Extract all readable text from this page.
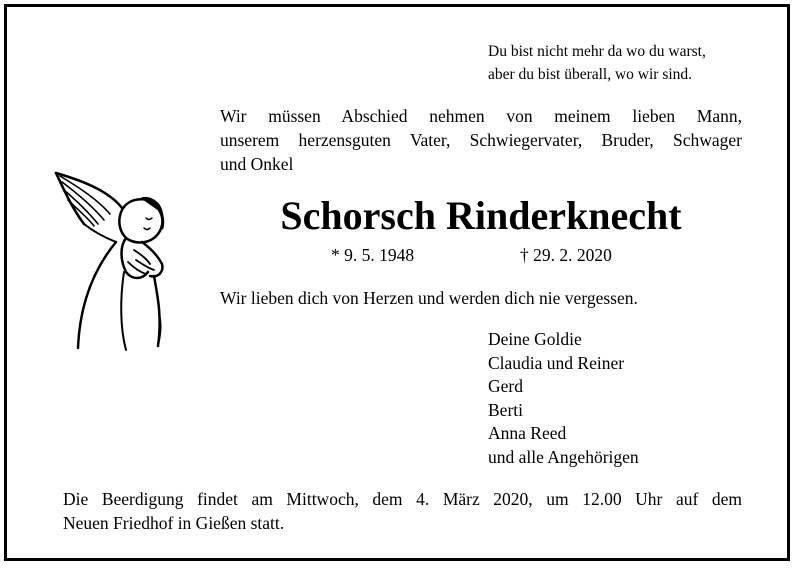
Du bist nicht mehr da wo du warst,
aber du bist überall, wo wir sind.
Wir müssen Abschied nehmen von meinem lieben Mann,
unserem herzensguten Vater, Schwiegervater, Bruder, Schwager
und Onkel
Schorsch Rinderknecht
* 9. 5. 1948	† 29. 2. 2020
Wir lieben dich von Herzen und werden dich nie vergessen.
Deine Goldie
Claudia und Reiner
Gerd
Berti
Anna Reed
und alle Angehörigen
Die Beerdigung findet am Mittwoch, dem 4. März 2020, um 12.00 Uhr auf dem
Neuen Friedhof in Gießen statt.
